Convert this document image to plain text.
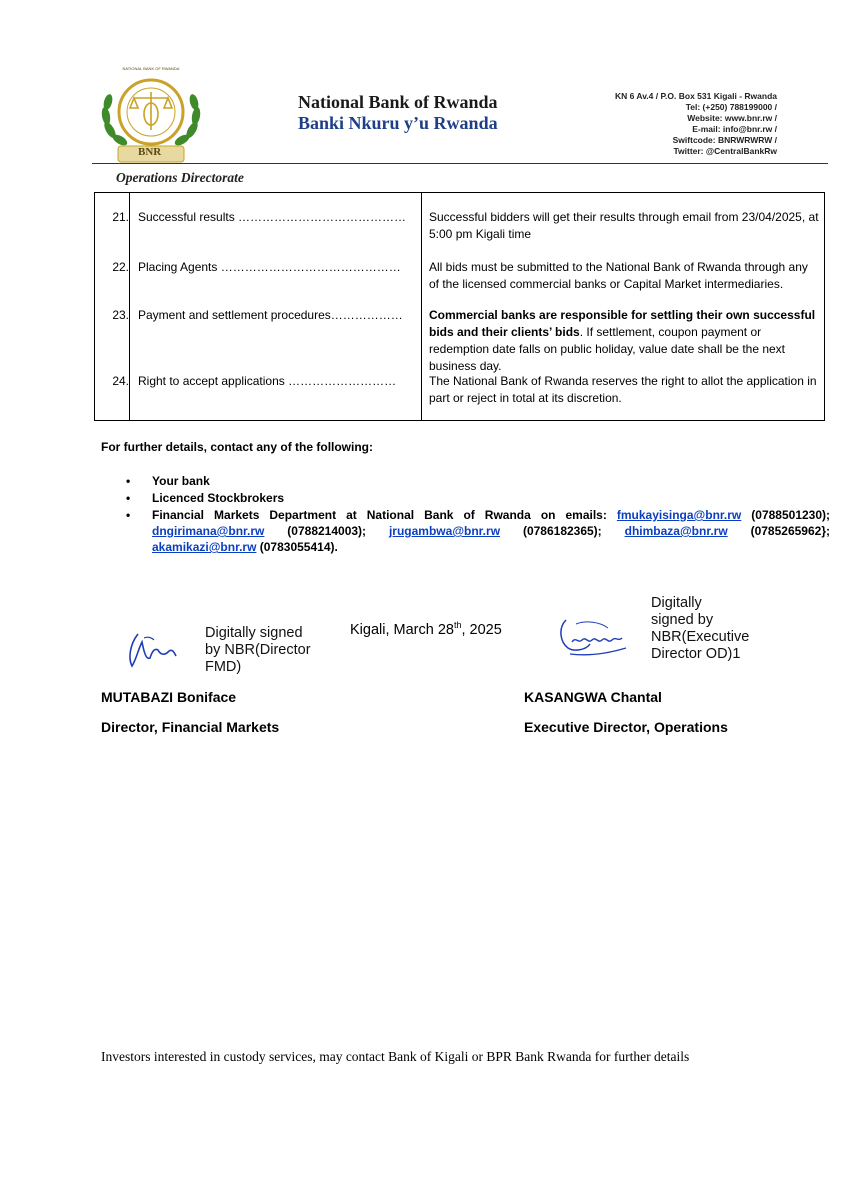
BNR
NATIONAL BANK OF RWANDA
National Bank of Rwanda
Banki Nkuru y’u Rwanda
KN 6 Av.4 / P.O. Box 531 Kigali - Rwanda
Tel: (+250) 788199000 /
Website: www.bnr.rw /
E-mail: info@bnr.rw /
Swiftcode: BNRWRWRW /
Twitter: @CentralBankRw
Operations Directorate
21. Successful results …………………………………… Successful bidders will get their results through email from 23/04/2025, at 5:00 pm Kigali time
22. Placing Agents ……………………………………… All bids must be submitted to the National Bank of Rwanda through any of the licensed commercial banks or Capital Market intermediaries.
23. Payment and settlement procedures……………… Commercial banks are responsible for settling their own successful bids and their clients’ bids. If settlement, coupon payment or redemption date falls on public holiday, value date shall be the next business day.
24. Right to accept applications ………………………	The National Bank of Rwanda reserves the right to allot the application in part or reject in total at its discretion.
For further details, contact any of the following:
• Your bank
• Licenced Stockbrokers
• Financial Markets Department at National Bank of Rwanda on emails: fmukayisinga@bnr.rw (0788501230); dngirimana@bnr.rw (0788214003); jrugambwa@bnr.rw (0786182365); dhimbaza@bnr.rw (0785265962}; akamikazi@bnr.rw (0783055414).
Digitally signed
by NBR(Director
FMD)
Kigali, March 28th, 2025
Digitally
signed by
NBR(Executive
Director OD)1
MUTABAZI Boniface
Director, Financial Markets
KASANGWA Chantal
Executive Director, Operations
Investors interested in custody services, may contact Bank of Kigali or BPR Bank Rwanda for further details
